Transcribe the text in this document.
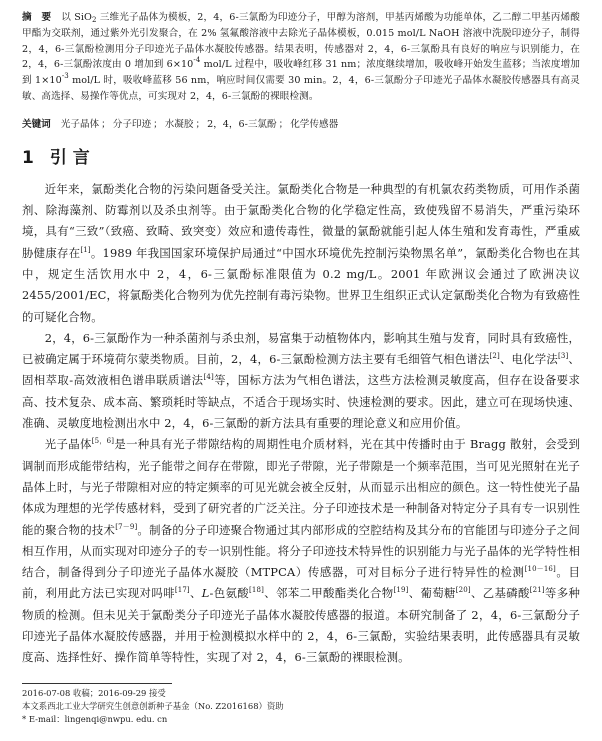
摘　要 以 SiO$_2$ 三维光子晶体为模板，2，4，6-三氯酚为印迹分子，甲醇为溶剂，甲基丙烯酸为功能单体，乙二醇二甲基丙烯酸甲酯为交联剂，通过紫外光引发聚合，在 2% 氢氟酸溶液中去除光子晶体模板，0.015 mol/L NaOH 溶液中洗脱印迹分子，制得 2，4，6-三氯酚检测用分子印迹光子晶体水凝胶传感器。结果表明，传感器对 2，4，6-三氯酚具有良好的响应与识别能力，在 2，4，6-三氯酚浓度由 0 增加到 $6\times 10^{-4}$ mol/L 过程中，吸收峰红移 31 nm；浓度继续增加，吸收峰开始发生蓝移；当浓度增加到 $1\times 10^{-3}$ mol/L 时，吸收峰蓝移 56 nm，响应时间仅需要 30 min。2，4，6-三氯酚分子印迹光子晶体水凝胶传感器具有高灵敏、高选择、易操作等优点，可实现对 2，4，6-三氯酚的裸眼检测。
关键词 光子晶体 ； 分子印迹 ； 水凝胶 ； 2，4，6-三氯酚 ； 化学传感器
1 引 言

近年来，氯酚类化合物的污染问题备受关注。氯酚类化合物是一种典型的有机氯农药类物质，可用作杀菌剂、除海藻剂、防霉剂以及杀虫剂等。由于氯酚类化合物的化学稳定性高，致使残留不易消失，严重污染环境，具有“三致”（致癌、致畸、致突变）效应和遗传毒性，微量的氯酚就能引起人体生殖和发育毒性，严重威胁健康存在[1]。1989 年我国国家环境保护局通过“中国水环境优先控制污染物黑名单”，氯酚类化合物也在其中，规定生活饮用水中 2，4，6-三氯酚标准限值为 0.2 mg/L。2001 年欧洲议会通过了欧洲决议 2455/2001/EC，将氯酚类化合物列为优先控制有毒污染物。世界卫生组织正式认定氯酚类化合物为有致癌性的可疑化合物。

2，4，6-三氯酚作为一种杀菌剂与杀虫剂，易富集于动植物体内，影响其生殖与发育，同时具有致癌性，已被确定属于环境荷尔蒙类物质。目前，2，4，6-三氯酚检测方法主要有毛细管气相色谱法[2]、电化学法[3]、固相萃取-高效液相色谱串联质谱法[4]等，国标方法为气相色谱法，这些方法检测灵敏度高，但存在设备要求高、技术复杂、成本高、繁琐耗时等缺点，不适合于现场实时、快速检测的要求。因此，建立可在现场快速、准确、灵敏度地检测出水中 2，4，6-三氯酚的新方法具有重要的理论意义和应用价值。

光子晶体[5，6]是一种具有光子带隙结构的周期性电介质材料，光在其中传播时由于 Bragg 散射，会受到调制而形成能带结构，光子能带之间存在带隙，即光子带隙，光子带隙是一个频率范围，当可见光照射在光子晶体上时，与光子带隙相对应的特定频率的可见光就会被全反射，从而显示出相应的颜色。这一特性使光子晶体成为理想的光学传感材料，受到了研究者的广泛关注。分子印迹技术是一种制备对特定分子具有专一识别性能的聚合物的技术[7－9]。制备的分子印迹聚合物通过其内部形成的空腔结构及其分布的官能团与印迹分子之间相互作用，从而实现对印迹分子的专一识别性能。将分子印迹技术特异性的识别能力与光子晶体的光学特性相结合，制备得到分子印迹光子晶体水凝胶（MTPCA）传感器，可对目标分子进行特异性的检测[10－16]。目前，利用此方法已实现对吗啡[17]、L-色氨酸[18]、邻苯二甲酸酯类化合物[19]、葡萄糖[20]、乙基磷酸[21]等多种物质的检测。但未见关于氯酚类分子印迹光子晶体水凝胶传感器的报道。本研究制备了 2，4，6-三氯酚分子印迹光子晶体水凝胶传感器，并用于检测模拟水样中的 2，4，6-三氯酚，实验结果表明，此传感器具有灵敏度高、选择性好、操作简单等特性，实现了对 2，4，6-三氯酚的裸眼检测。

2016-07-08 收稿；2016-09-29 接受
本文系西北工业大学研究生创意创新种子基金（No. Z2016168）资助
* E-mail：lingenqi@nwpu. edu. cn
